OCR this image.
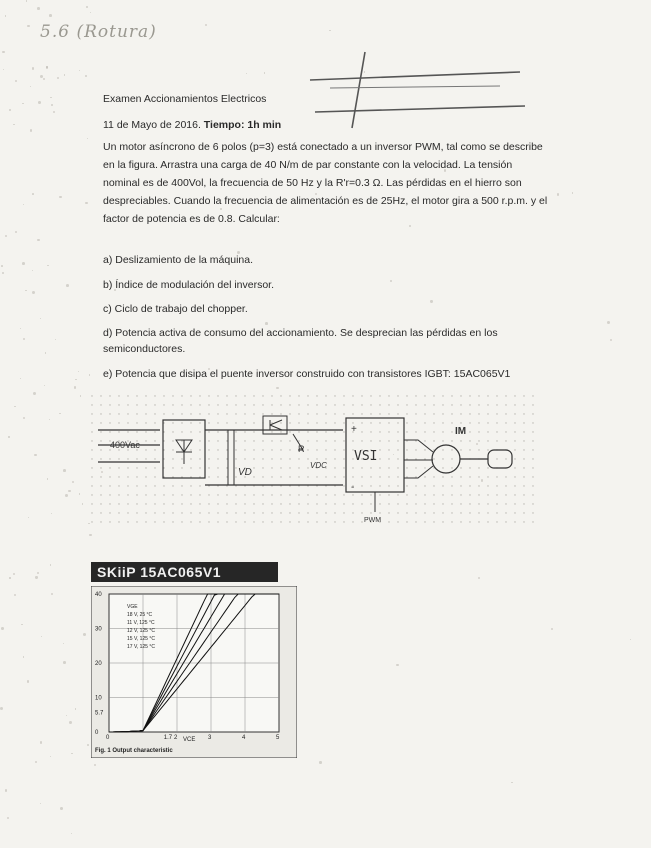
5.6 (Rotura)
Examen Accionamientos Electricos
11 de Mayo de 2016. Tiempo: 1h min
Un motor asíncrono de 6 polos (p=3) está conectado a un inversor PWM, tal como se describe
en la figura. Arrastra una carga de 40 N/m de par constante con la velocidad. La tensión
nominal es de 400Vol, la frecuencia de 50 Hz y la R'r=0.3 Ω. Las pérdidas en el hierro son
despreciables. Cuando la frecuencia de alimentación es de 25Hz, el motor gira a 500 r.p.m. y el
factor de potencia es de 0.8. Calcular:
a) Deslizamiento de la máquina.
b) Índice de modulación del inversor.
c) Ciclo de trabajo del chopper.
d) Potencia activa de consumo del accionamiento. Se desprecian las pérdidas en los
semiconductores.
e) Potencia que disipa el puente inversor construido con transistores IGBT: 15AC065V1
400Vac
VD
R
VDC
+
-
VSI
PWM
IM
SKiiP 15AC065V1
40
30
20
10
5.7
0
0	1.7 2	3	4	5
VGE
18 V, 25 °C
11 V, 125 °C
12 V, 125 °C
15 V, 125 °C
17 V, 125 °C
VCE
Fig. 1 Output characteristic
